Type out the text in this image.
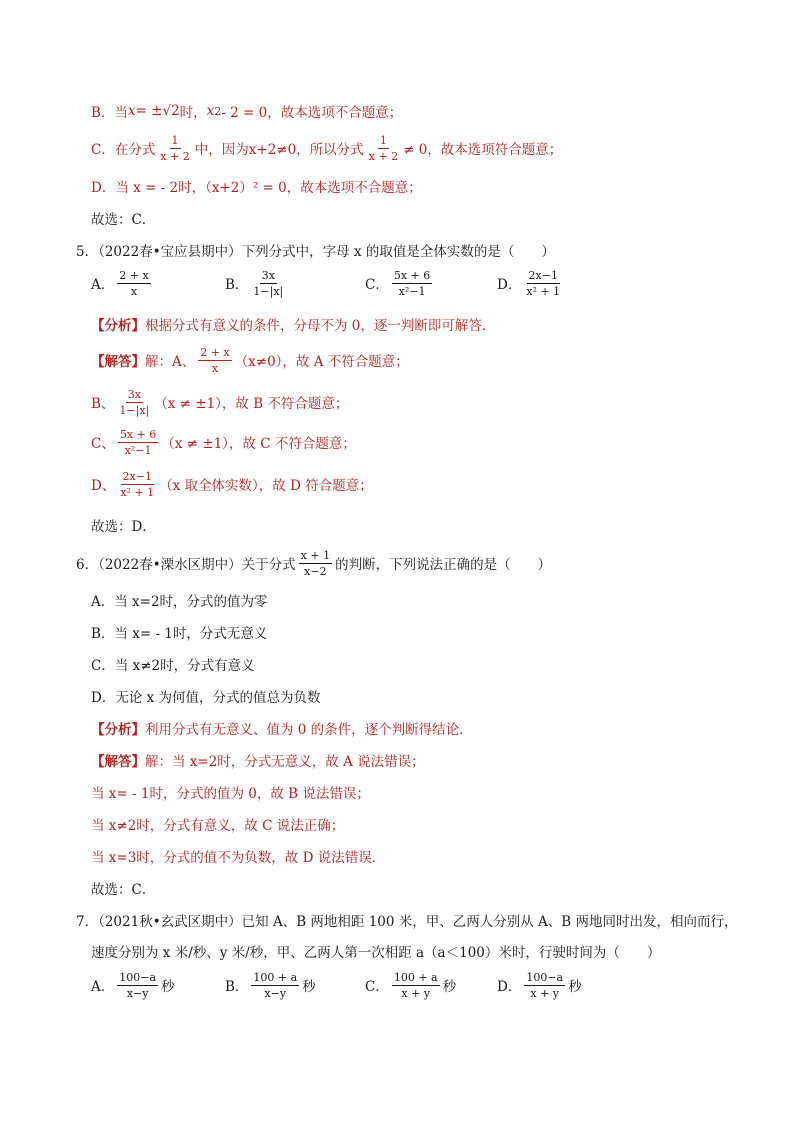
B．当 x = ± √2 时， x 2 - 2 = 0，故本选项不合题意；
C．在分式 $\frac{1}{x + 2}$ 中，因为x+2≠0，所以分式 $\frac{1}{x + 2} \ne 0$，故本选项符合题意；
D．当 x = - 2时，（x+2）² = 0，故本选项不合题意；
故选：C．
5．（2022春•宝应县期中）下列分式中，字母 x 的取值是全体实数的是（　　）
A． $\frac{2 + x}{x}$	B． $\frac{3x}{1-|x|}$	C． $\frac{5x + 6}{\text{x²−1}}$	D． $\frac{2x-1}{\text{x² + 1}}$
【分析】 根据分式有意义的条件，分母不为 0，逐一判断即可解答．
【解答】 解：A、 $\frac{2 + x}{x} (x\ne 0)$，故 A 不符合题意；
B、 $\frac{3x}{1-|x|} (x \ne \pm 1)$，故 B 不符合题意；
C、 $\frac{5x + 6}{\text{x²−1}} (x \ne \pm 1)$，故 C 不符合题意；
D、 $\frac{2x-1}{\text{x² + 1}} (x$ 取全体实数），故 D 符合题意；
故选：D．
6．（2022春•溧水区期中）关于分式 $\frac{x + 1}{x-2}$ 的判断，下列说法正确的是（　　）
A．当 x=2时，分式的值为零
B．当 x= - 1时，分式无意义
C．当 x≠2时，分式有意义
D．无论 x 为何值，分式的值总为负数
【分析】 利用分式有无意义、值为 0 的条件，逐个判断得结论．
【解答】 解：当 x=2时，分式无意义，故 A 说法错误；
当 x= - 1时，分式的值为 0，故 B 说法错误；
当 x≠2时，分式有意义，故 C 说法正确；
当 x=3时，分式的值不为负数，故 D 说法错误．
故选：C．
7．（2021秋•玄武区期中）已知 A、B 两地相距 100 米，甲、乙两人分别从 A、B 两地同时出发，相向而行，
速度分别为 x 米/秒、y 米/秒，甲、乙两人第一次相距 a（a＜100）米时，行驶时间为（　　）
A． $\frac{100-a}{x-y}$ 秒	B． $\frac{100 + a}{x-y}$ 秒	C． $\frac{100 + a}{x + y}$ 秒	D． $\frac{100-a}{x + y}$ 秒
